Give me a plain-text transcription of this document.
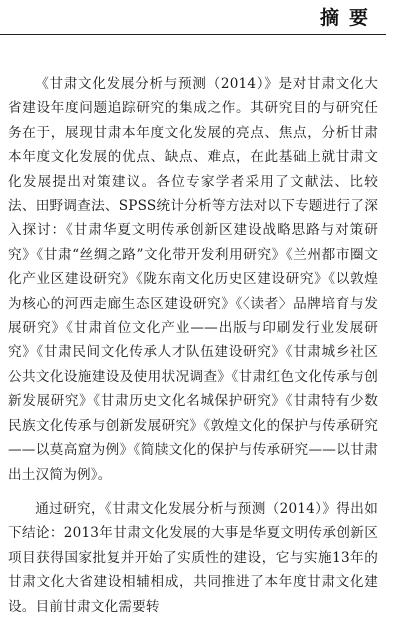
摘要

《甘肃文化发展分析与预测（2014）》是对甘肃文化大省建设年度问题追踪研究的集成之作。其研究目的与研究任务在于，展现甘肃本年度文化发展的亮点、焦点，分析甘肃本年度文化发展的优点、缺点、难点，在此基础上就甘肃文化发展提出对策建议。各位专家学者采用了文献法、比较法、田野调查法、SPSS统计分析等方法对以下专题进行了深入探讨：《甘肃华夏文明传承创新区建设战略思路与对策研究》《甘肃“丝绸之路”文化带开发利用研究》《兰州都市圈文化产业区建设研究》《陇东南文化历史区建设研究》《以敦煌为核心的河西走廊生态区建设研究》《〈读者〉品牌培育与发展研究》《甘肃首位文化产业——出版与印刷发行业发展研究》《甘肃民间文化传承人才队伍建设研究》《甘肃城乡社区公共文化设施建设及使用状况调查》《甘肃红色文化传承与创新发展研究》《甘肃历史文化名城保护研究》《甘肃特有少数民族文化传承与创新发展研究》《敦煌文化的保护与传承研究——以莫高窟为例》《简牍文化的保护与传承研究——以甘肃出土汉简为例》。

通过研究，《甘肃文化发展分析与预测（2014）》得出如下结论：2013年甘肃文化发展的大事是华夏文明传承创新区项目获得国家批复并开始了实质性的建设，它与实施13年的甘肃文化大省建设相辅相成，共同推进了本年度甘肃文化建设。目前甘肃文化需要转
